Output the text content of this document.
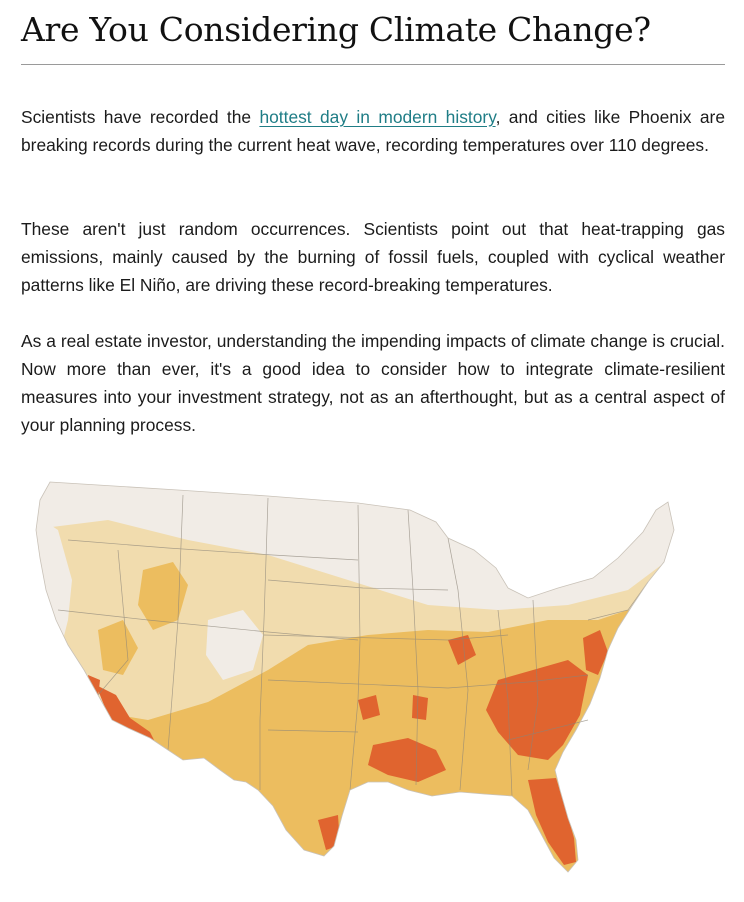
Are You Considering Climate Change?

Scientists have recorded the hottest day in modern history, and cities like Phoenix are breaking records during the current heat wave, recording temperatures over 110 degrees.

These aren't just random occurrences. Scientists point out that heat-trapping gas emissions, mainly caused by the burning of fossil fuels, coupled with cyclical weather patterns like El Niño, are driving these record-breaking temperatures.

As a real estate investor, understanding the impending impacts of climate change is crucial. Now more than ever, it's a good idea to consider how to integrate climate-resilient measures into your investment strategy, not as an afterthought, but as a central aspect of your planning process.
